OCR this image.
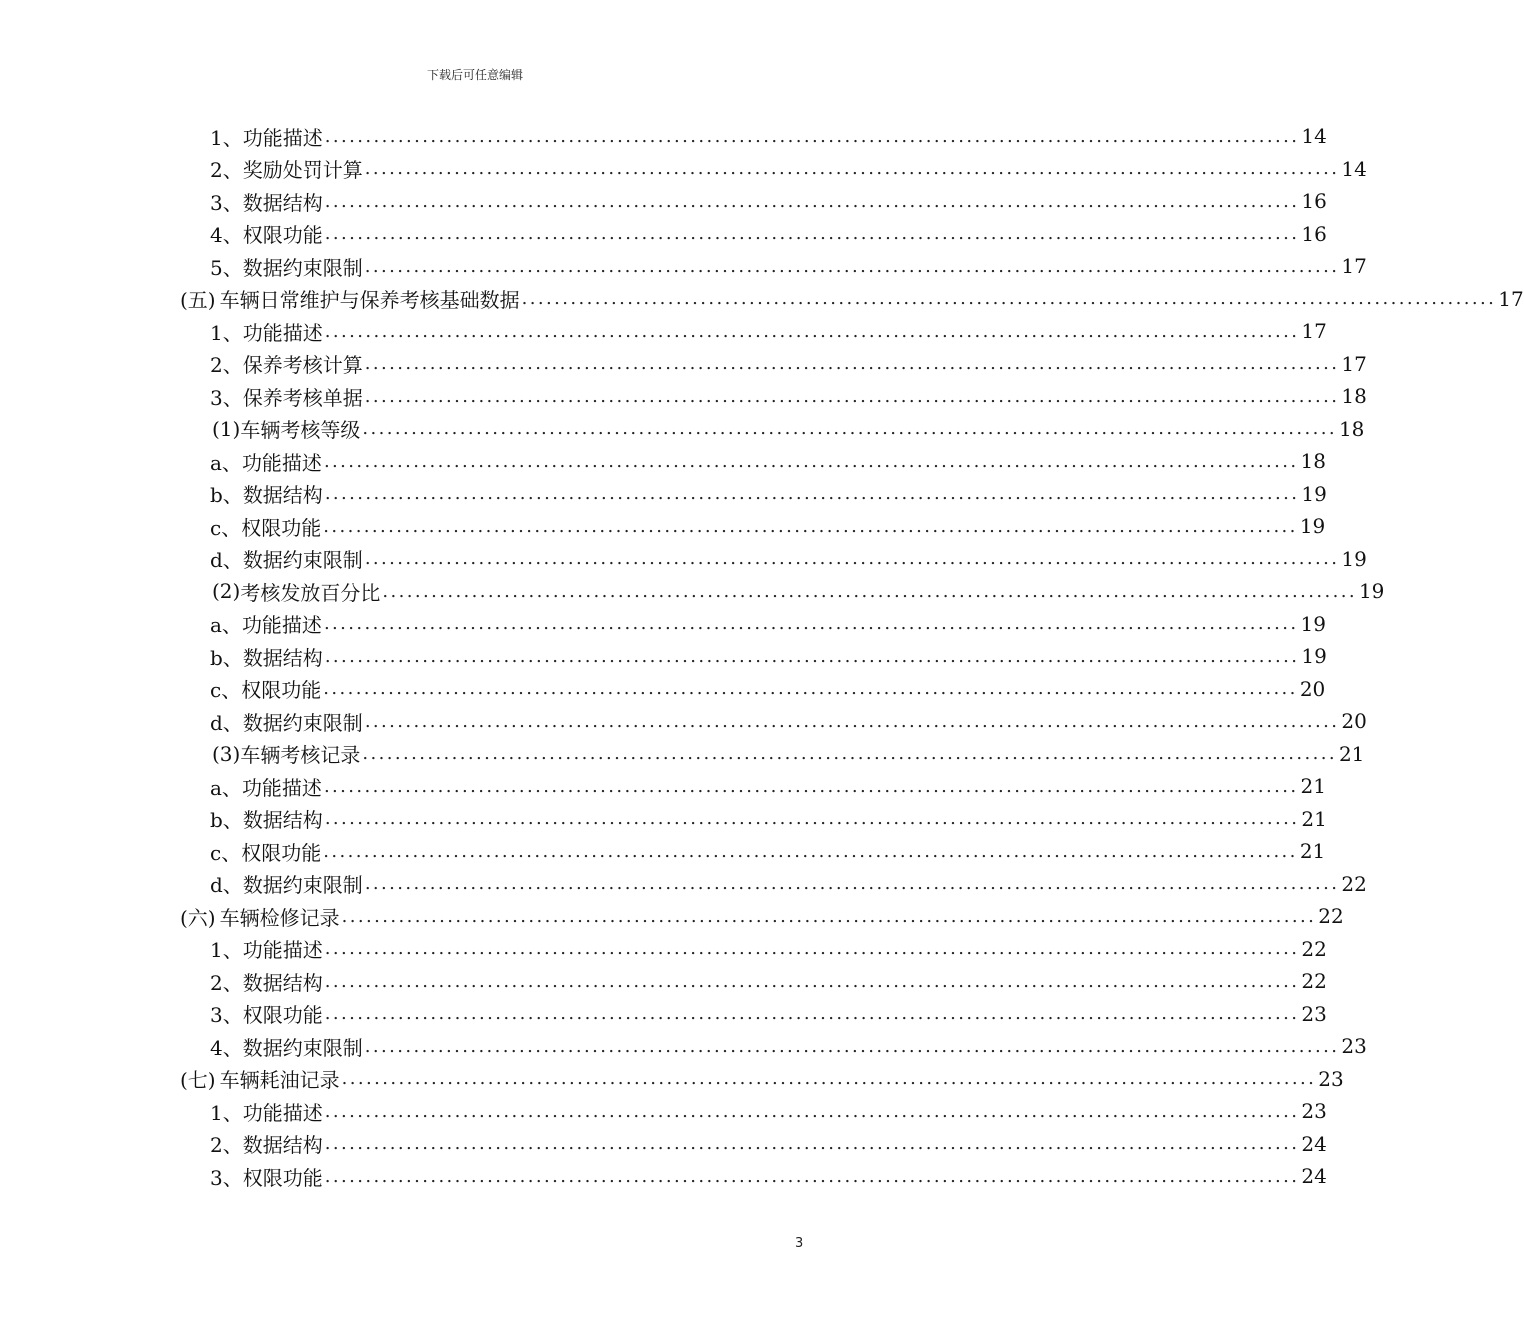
下载后可任意编辑
1、 功能描述 ........................................................................................................................ 14
2、 奖励处罚计算 ........................................................................................................................ 14
3、 数据结构 ........................................................................................................................ 16
4、 权限功能 ........................................................................................................................ 16
5、 数据约束限制 ........................................................................................................................ 17
(五) 车辆日常维护与保养考核基础数据 ........................................................................................................................ 17
1、 功能描述 ........................................................................................................................ 17
2、 保养考核计算 ........................................................................................................................ 17
3、 保养考核单据 ........................................................................................................................ 18
(1) 车辆考核等级 ........................................................................................................................ 18
a、 功能描述 ........................................................................................................................ 18
b、 数据结构 ........................................................................................................................ 19
c、 权限功能 ........................................................................................................................ 19
d、 数据约束限制 ........................................................................................................................ 19
(2) 考核发放百分比 ........................................................................................................................ 19
a、 功能描述 ........................................................................................................................ 19
b、 数据结构 ........................................................................................................................ 19
c、 权限功能 ........................................................................................................................ 20
d、 数据约束限制 ........................................................................................................................ 20
(3) 车辆考核记录 ........................................................................................................................ 21
a、 功能描述 ........................................................................................................................ 21
b、 数据结构 ........................................................................................................................ 21
c、 权限功能 ........................................................................................................................ 21
d、 数据约束限制 ........................................................................................................................ 22
(六) 车辆检修记录 ........................................................................................................................ 22
1、 功能描述 ........................................................................................................................ 22
2、 数据结构 ........................................................................................................................ 22
3、 权限功能 ........................................................................................................................ 23
4、 数据约束限制 ........................................................................................................................ 23
(七) 车辆耗油记录 ........................................................................................................................ 23
1、 功能描述 ........................................................................................................................ 23
2、 数据结构 ........................................................................................................................ 24
3、 权限功能 ........................................................................................................................ 24
3
